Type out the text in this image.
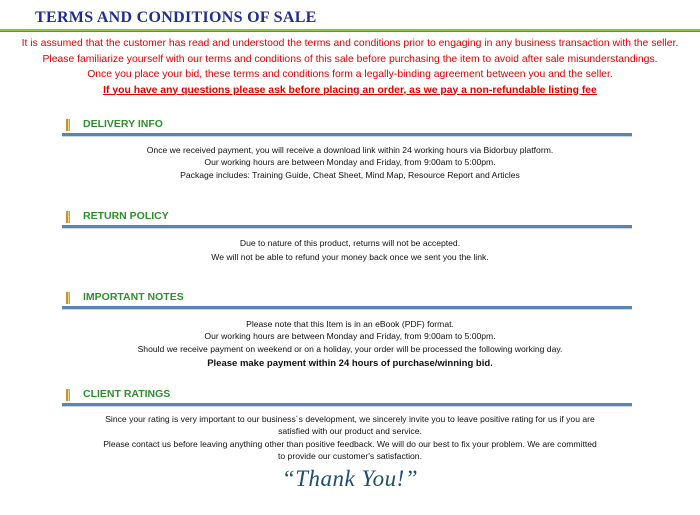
TERMS AND CONDITIONS OF SALE
It is assumed that the customer has read and understood the terms and conditions prior to engaging in any business transaction with the seller.
Please familiarize yourself with our terms and conditions of this sale before purchasing the item to avoid after sale misunderstandings.
Once you place your bid, these terms and conditions form a legally-binding agreement between you and the seller.
If you have any questions please ask before placing an order, as we pay a non-refundable listing fee
DELIVERY INFO
Once we received payment, you will receive a download link within 24 working hours via Bidorbuy platform.
Our working hours are between Monday and Friday, from 9:00am to 5:00pm.
Package includes: Training Guide, Cheat Sheet, Mind Map, Resource Report and Articles
RETURN POLICY
Due to nature of this product, returns will not be accepted.
We will not be able to refund your money back once we sent you the link.
IMPORTANT NOTES
Please note that this Item is in an eBook (PDF) format.
Our working hours are between Monday and Friday, from 9:00am to 5:00pm.
Should we receive payment on weekend or on a holiday, your order will be processed the following working day.
Please make payment within 24 hours of purchase/winning bid.
CLIENT RATINGS
Since your rating is very important to our business´s development, we sincerely invite you to leave positive rating for us if you are
satisfied with our product and service.
Please contact us before leaving anything other than positive feedback. We will do our best to fix your problem. We are committed
to provide our customer's satisfaction.
“Thank You!”
